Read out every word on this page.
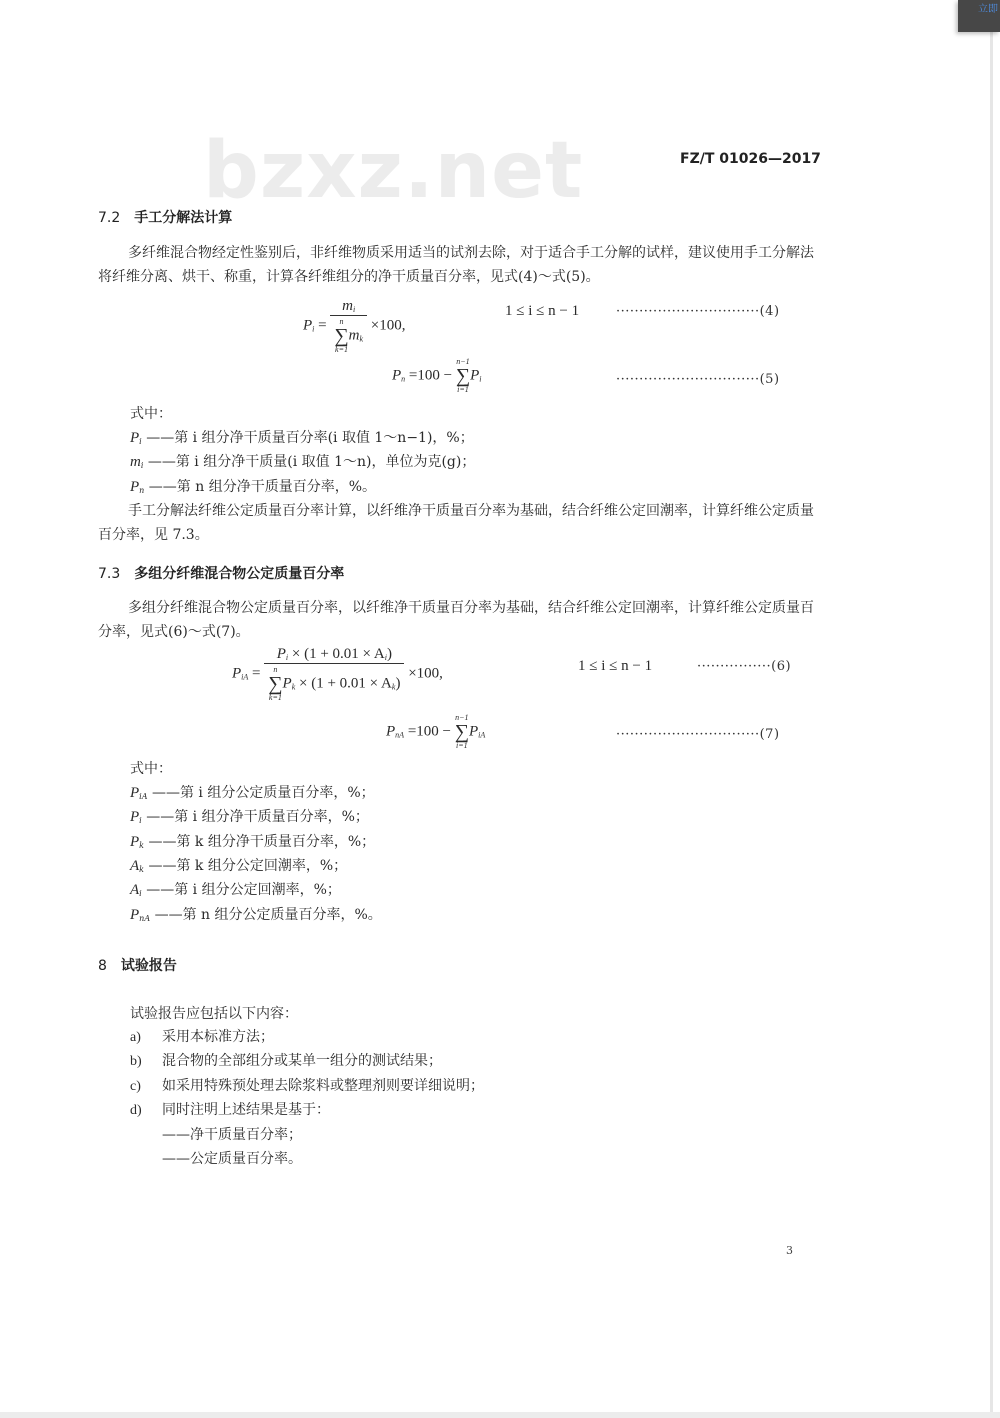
bzxz.net	FZ/T 01026—2017
7.2 手工分解法计算
多纤维混合物经定性鉴别后，非纤维物质采用适当的试剂去除，对于适合手工分解的试样，建议使用手工分解法将纤维分离、烘干、称重，计算各纤维组分的净干质量百分率，见式(4)～式(5)。
$P_i = m_i$
n
∑
k=1
$m_k \times 100$,
1 ≤ i ≤ n − 1	·······························(4)
$P_n =100$ −
n−1
∑
i=1
$P_i$	·······························(5)
式中：
$P_i$ ——第 i 组分净干质量百分率(i 取值 1～n−1)，%；
$m_i$ ——第 i 组分净干质量(i 取值 1～n)，单位为克(g)；
$P_n$ ——第 n 组分净干质量百分率，%。
手工分解法纤维公定质量百分率计算，以纤维净干质量百分率为基础，结合纤维公定回潮率，计算纤维公定质量百分率，见 7.3。
7.3 多组分纤维混合物公定质量百分率
多组分纤维混合物公定质量百分率，以纤维净干质量百分率为基础，结合纤维公定回潮率，计算纤维公定质量百分率，见式(6)～式(7)。
$P_{iA} = P_i \times (1 + 0.01 \times A_i)$
n
∑
k=1
$P_k \times (1 + 0.01 \times A_k) \times 100$,	1 ≤ i ≤ n − 1	················(6)
$P_{nA} =100$ −
n−1
∑
i=1
$P_{iA}$	·······························(7)
式中：
$P_{iA}$ ——第 i 组分公定质量百分率，%；
$P_i$ ——第 i 组分净干质量百分率，%；
$P_k$ ——第 k 组分净干质量百分率，%；
$A_k$ ——第 k 组分公定回潮率，%；
$A_i$ ——第 i 组分公定回潮率，%；
$P_{nA}$ ——第 n 组分公定质量百分率，%。
8 试验报告
试验报告应包括以下内容：
a) 采用本标准方法；
b) 混合物的全部组分或某单一组分的测试结果；
c) 如采用特殊预处理去除浆料或整理剂则要详细说明；
d) 同时注明上述结果是基于：
——净干质量百分率；
——公定质量百分率。
3
立即
